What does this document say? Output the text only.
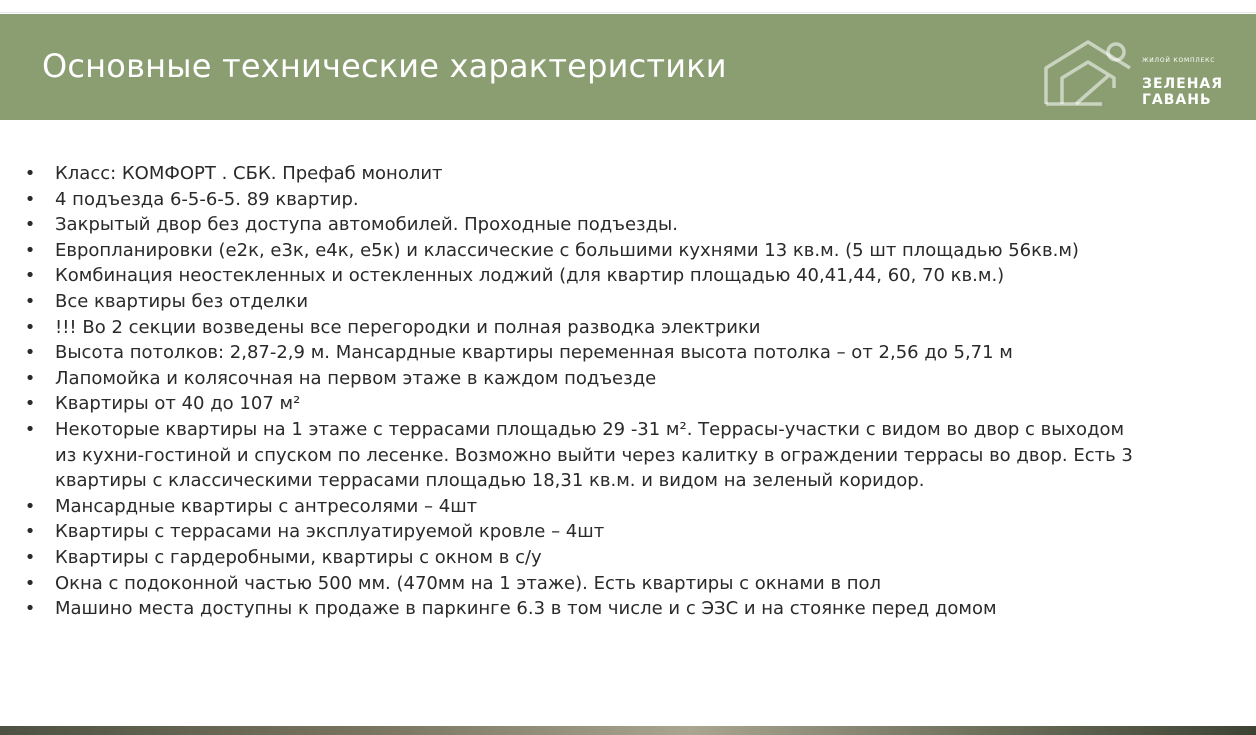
Основные технические характеристики	ЖИЛОЙ КОМПЛЕКС
ЗЕЛЕНАЯ
ГАВАНЬ
• Класс: КОМФОРТ . СБК. Префаб монолит
• 4 подъезда 6-5-6-5. 89 квартир.
• Закрытый двор без доступа автомобилей. Проходные подъезды.
• Европланировки (е2к, е3к, е4к, е5к) и классические с большими кухнями 13 кв.м. (5 шт площадью 56кв.м)
• Комбинация неостекленных и остекленных лоджий (для квартир площадью 40,41,44, 60, 70 кв.м.)
• Все квартиры без отделки
• !!! Во 2 секции возведены все перегородки и полная разводка электрики
• Высота потолков: 2,87-2,9 м. Мансардные квартиры переменная высота потолка – от 2,56 до 5,71 м
• Лапомойка и колясочная на первом этаже в каждом подъезде
• Квартиры от 40 до 107 м²
• Некоторые квартиры на 1 этаже с террасами площадью 29 -31 м². Террасы-участки с видом во двор с выходом из кухни-гостиной и спуском по лесенке. Возможно выйти через калитку в ограждении террасы во двор. Есть 3 квартиры с классическими террасами площадью 18,31 кв.м. и видом на зеленый коридор.
• Мансардные квартиры с антресолями – 4шт
• Квартиры с террасами на эксплуатируемой кровле – 4шт
• Квартиры с гардеробными, квартиры с окном в с/у
• Окна с подоконной частью 500 мм. (470мм на 1 этаже). Есть квартиры с окнами в пол
• Машино места доступны к продаже в паркинге 6.3 в том числе и с ЭЗС и на стоянке перед домом
